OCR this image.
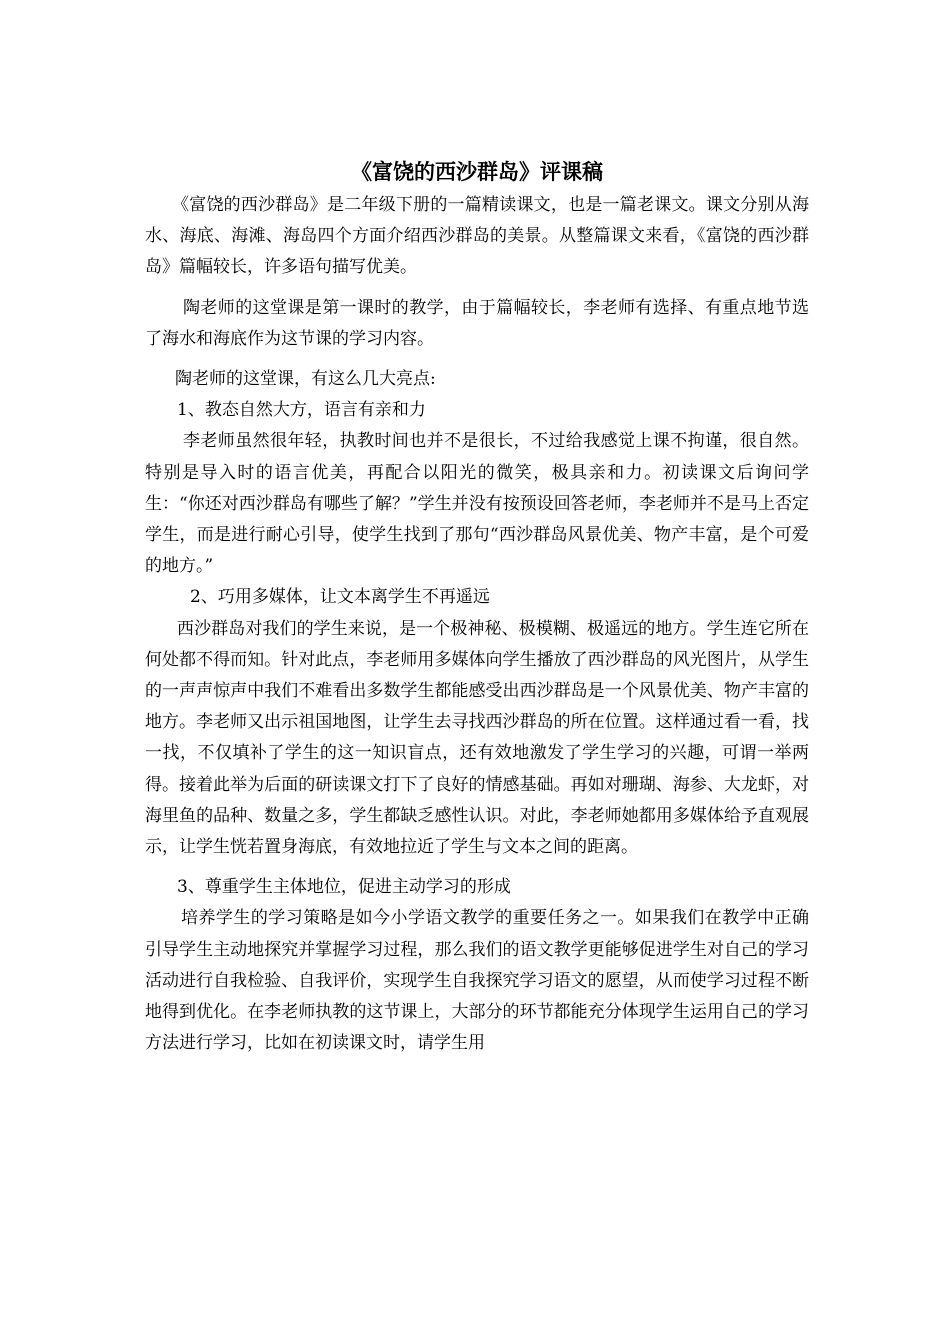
《富饶的西沙群岛》评课稿

《富饶的西沙群岛》是二年级下册的一篇精读课文，也是一篇老课文。课文分别从海水、海底、海滩、海岛四个方面介绍西沙群岛的美景。从整篇课文来看，《富饶的西沙群岛》篇幅较长，许多语句描写优美。

陶老师的这堂课是第一课时的教学，由于篇幅较长，李老师有选择、有重点地节选了海水和海底作为这节课的学习内容。

陶老师的这堂课，有这么几大亮点:

1、教态自然大方，语言有亲和力

李老师虽然很年轻，执教时间也并不是很长，不过给我感觉上课不拘谨，很自然。特别是导入时的语言优美，再配合以阳光的微笑，极具亲和力。初读课文后询问学生：“你还对西沙群岛有哪些了解？”学生并没有按预设回答老师，李老师并不是马上否定学生，而是进行耐心引导，使学生找到了那句“西沙群岛风景优美、物产丰富，是个可爱的地方。”

2、巧用多媒体，让文本离学生不再遥远

西沙群岛对我们的学生来说，是一个极神秘、极模糊、极遥远的地方。学生连它所在何处都不得而知。针对此点，李老师用多媒体向学生播放了西沙群岛的风光图片，从学生的一声声惊声中我们不难看出多数学生都能感受出西沙群岛是一个风景优美、物产丰富的地方。李老师又出示祖国地图，让学生去寻找西沙群岛的所在位置。这样通过看一看，找一找，不仅填补了学生的这一知识盲点，还有效地激发了学生学习的兴趣，可谓一举两得。接着此举为后面的研读课文打下了良好的情感基础。再如对珊瑚、海参、大龙虾，对海里鱼的品种、数量之多，学生都缺乏感性认识。对此，李老师她都用多媒体给予直观展示，让学生恍若置身海底，有效地拉近了学生与文本之间的距离。

3、尊重学生主体地位，促进主动学习的形成

培养学生的学习策略是如今小学语文教学的重要任务之一。如果我们在教学中正确引导学生主动地探究并掌握学习过程，那么我们的语文教学更能够促进学生对自己的学习活动进行自我检验、自我评价，实现学生自我探究学习语文的愿望，从而使学习过程不断地得到优化。在李老师执教的这节课上，大部分的环节都能充分体现学生运用自己的学习方法进行学习，比如在初读课文时，请学生用
